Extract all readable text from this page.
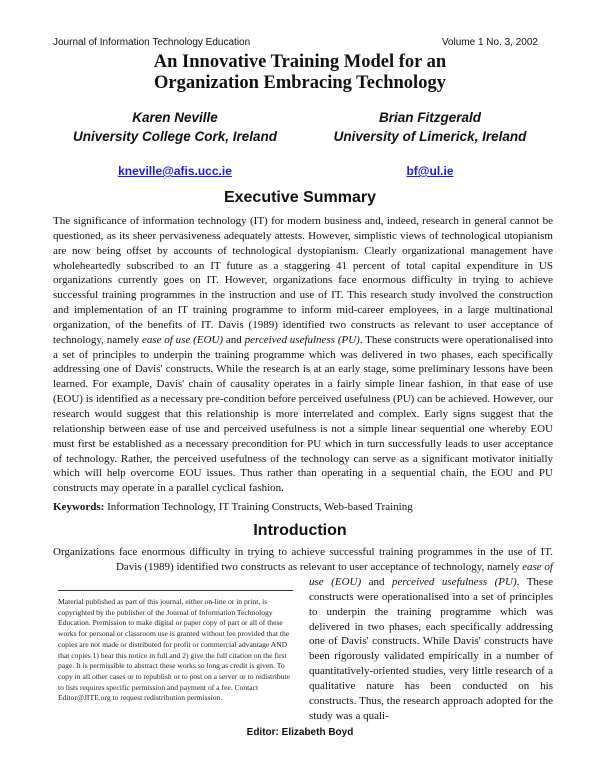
Journal of Information Technology Education	Volume 1 No. 3, 2002
An Innovative Training Model for an
Organization Embracing Technology
Karen Neville
University College Cork, Ireland
kneville@afis.ucc.ie
Brian Fitzgerald
University of Limerick, Ireland
bf@ul.ie
Executive Summary
The significance of information technology (IT) for modern business and, indeed, research in general cannot be questioned, as its sheer pervasiveness adequately attests. However, simplistic views of technological utopianism are now being offset by accounts of technological dystopianism. Clearly organizational management have wholeheartedly subscribed to an IT future as a staggering 41 percent of total capital expenditure in US organizations currently goes on IT. However, organizations face enormous difficulty in trying to achieve successful training programmes in the instruction and use of IT. This research study involved the construction and implementation of an IT training programme to inform mid-career employees, in a large multinational organization, of the benefits of IT. Davis (1989) identified two constructs as relevant to user acceptance of technology, namely ease of use (EOU) and perceived usefulness (PU). These constructs were operationalised into a set of principles to underpin the training programme which was delivered in two phases, each specifically addressing one of Davis' constructs. While the research is at an early stage, some preliminary lessons have been learned. For example, Davis' chain of causality operates in a fairly simple linear fashion, in that ease of use (EOU) is identified as a necessary pre-condition before perceived usefulness (PU) can be achieved. However, our research would suggest that this relationship is more interrelated and complex. Early signs suggest that the relationship between ease of use and perceived usefulness is not a simple linear sequential one whereby EOU must first be established as a necessary precondition for PU which in turn successfully leads to user acceptance of technology. Rather, the perceived usefulness of the technology can serve as a significant motivator initially which will help overcome EOU issues. Thus rather than operating in a sequential chain, the EOU and PU constructs may operate in a parallel cyclical fashion.
Keywords: Information Technology, IT Training Constructs, Web-based Training
Introduction
Organizations face enormous difficulty in trying to achieve successful training programmes in the use of IT. Davis (1989) identified two constructs as relevant to user acceptance of technology, namely ease of
use (EOU) and perceived usefulness (PU). These constructs were operationalised into a set of principles to underpin the training programme which was delivered in two phases, each specifically addressing one of Davis' constructs. While Davis' constructs have been rigorously validated empirically in a number of quantitatively-oriented studies, very little research of a qualitative nature has been conducted on his constructs. Thus, the research approach adopted for the study was a quali-
Material published as part of this journal, either on-line or in print, is copyrighted by the publisher of the Journal of Information Technology Education. Permission to make digital or paper copy of part or all of these works for personal or classroom use is granted without fee provided that the copies are not made or distributed for profit or commercial advantage AND that copies 1) bear this notice in full and 2) give the full citation on the first page. It is permissible to abstract these works so long as credit is given. To copy in all other cases or to republish or to post on a server or to redistribute to lists requires specific permission and payment of a fee. Contact Editor@JITE.org to request redistribution permission.
Editor: Elizabeth Boyd
